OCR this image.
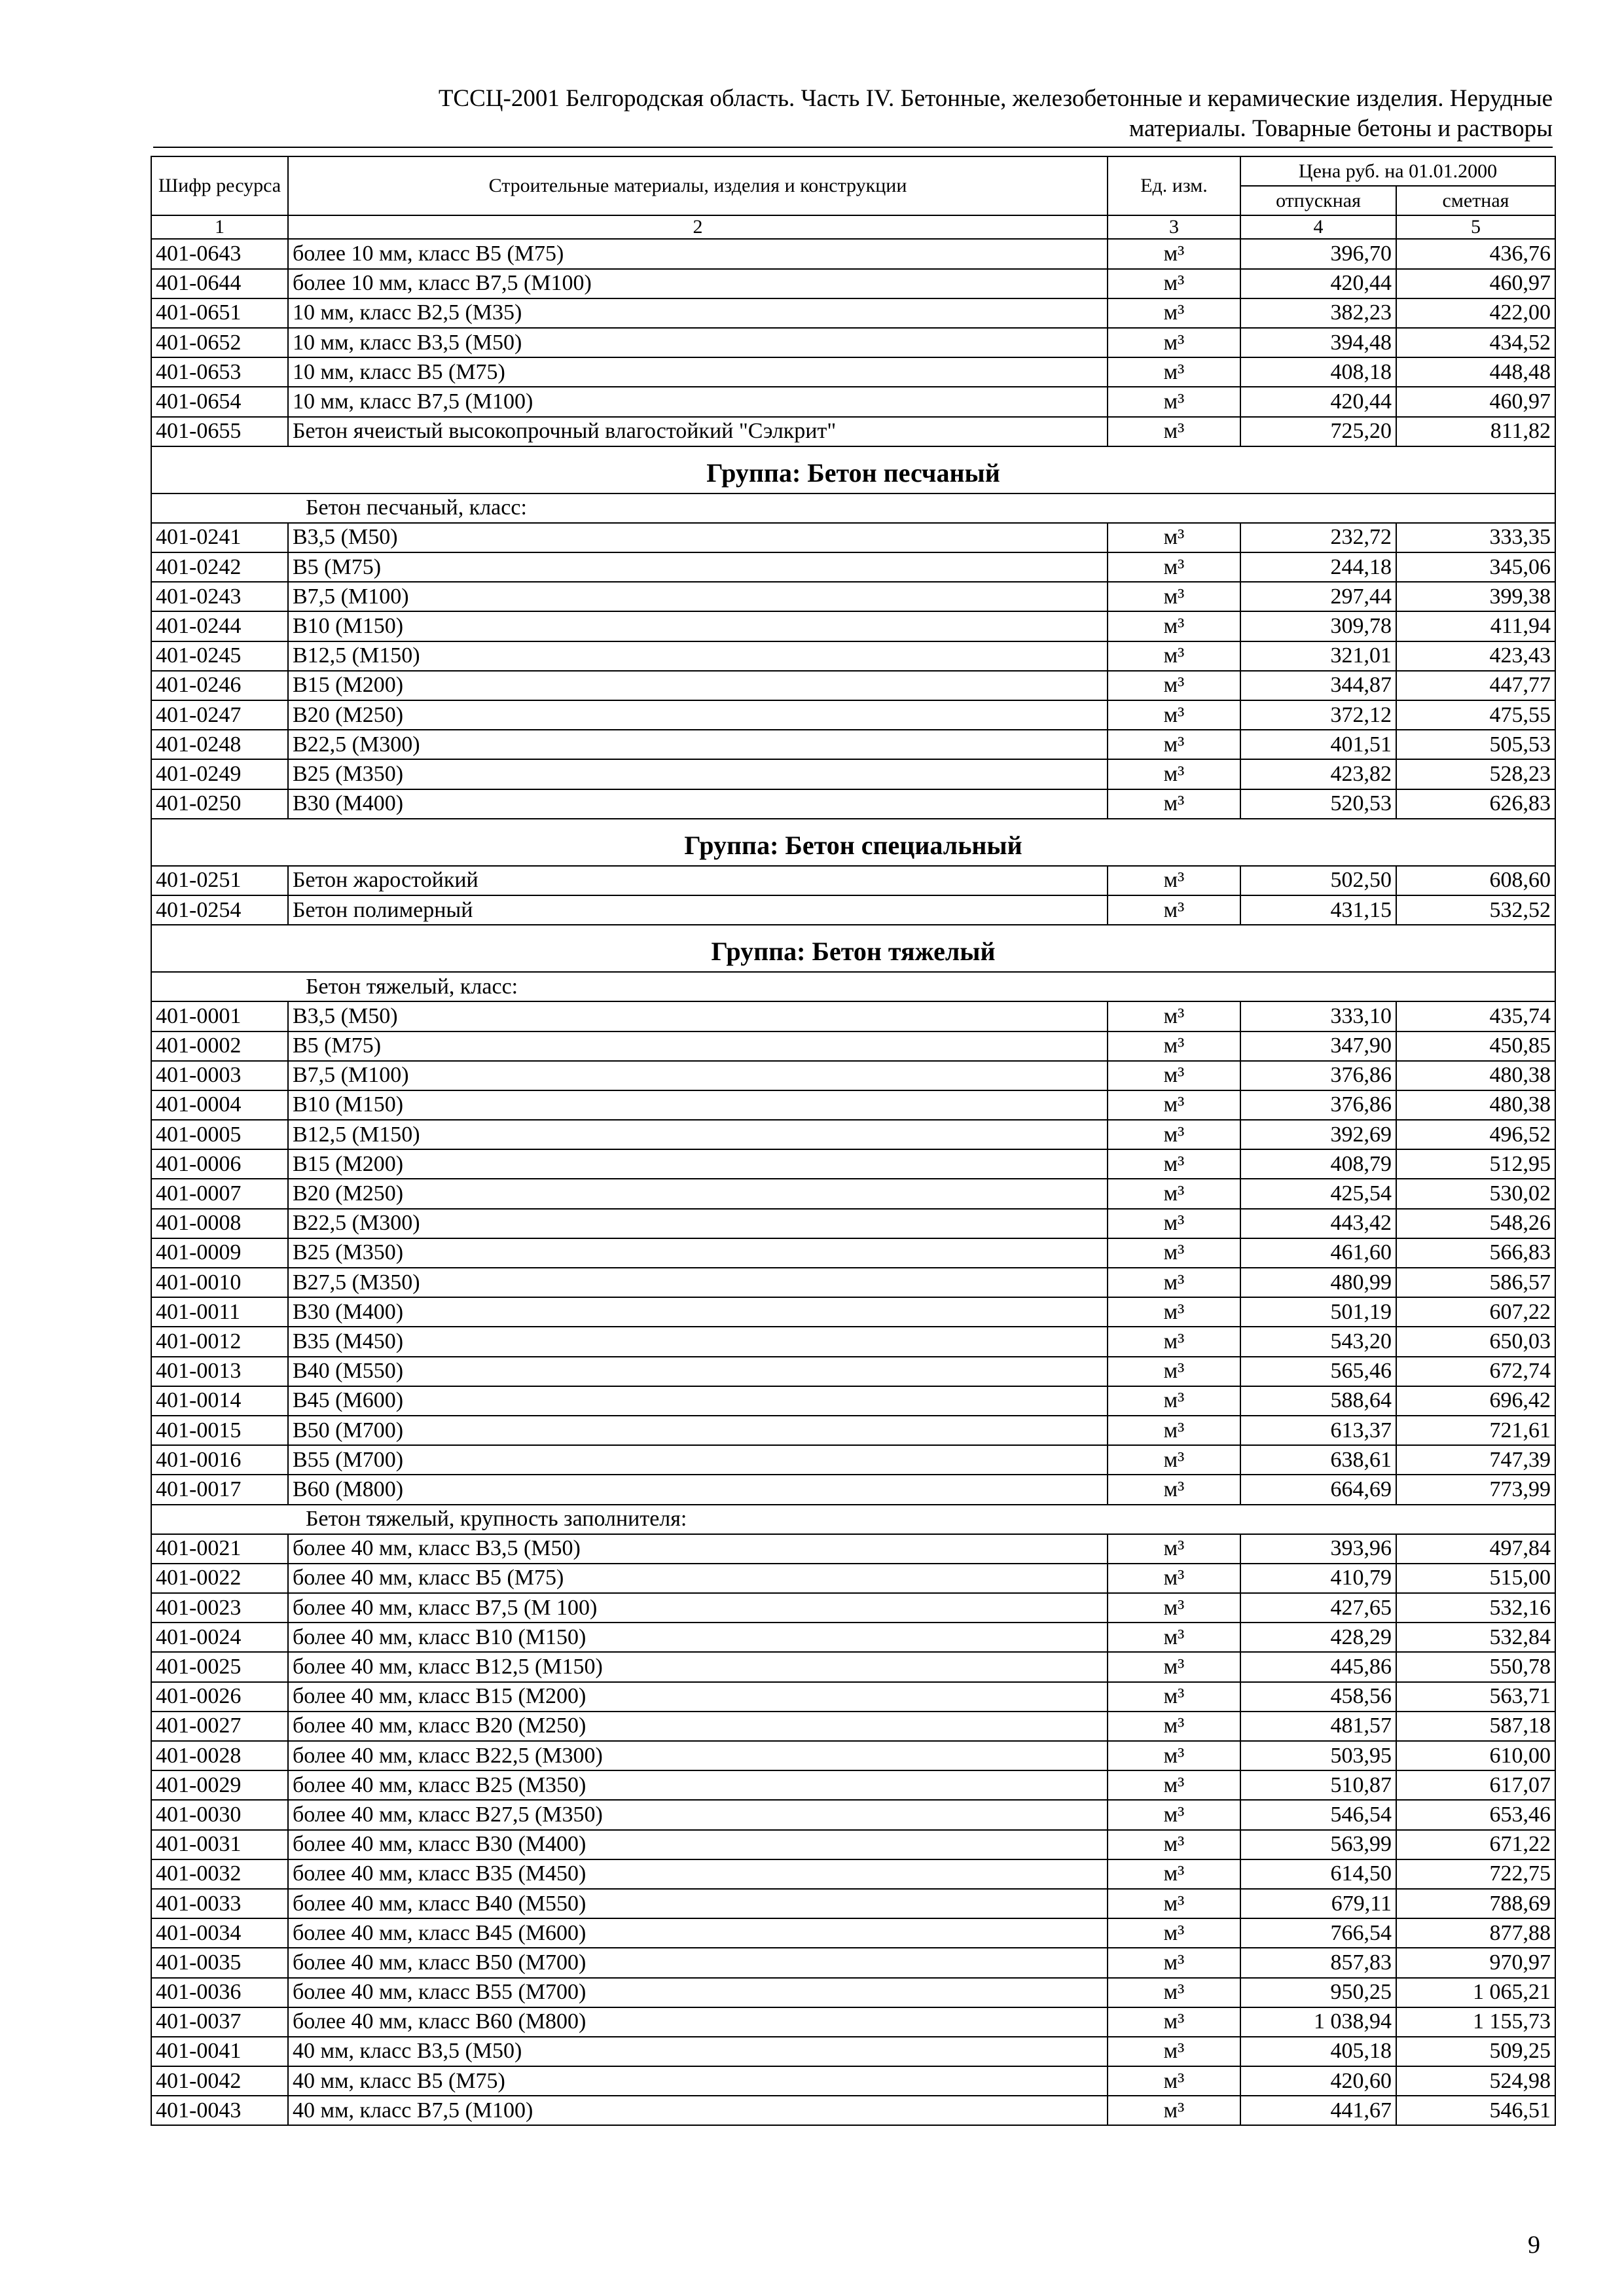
ТССЦ-2001 Белгородская область. Часть IV. Бетонные, железобетонные и керамические изделия. Нерудные
материалы. Товарные бетоны и растворы
Шифр ресурса	Строительные материалы, изделия и конструкции	Ед. изм.	Цена руб. на 01.01.2000	
			отпускная	сметная
1	2	3	4	5
401-0643	более 10 мм, класс В5 (М75)	м³	396,70	436,76
401-0644	более 10 мм, класс В7,5 (М100)	м³	420,44	460,97
401-0651	10 мм, класс В2,5 (М35)	м³	382,23	422,00
401-0652	10 мм, класс В3,5 (М50)	м³	394,48	434,52
401-0653	10 мм, класс В5 (М75)	м³	408,18	448,48
401-0654	10 мм, класс В7,5 (М100)	м³	420,44	460,97
401-0655	Бетон ячеистый высокопрочный влагостойкий "Сэлкрит"	м³	725,20	811,82
Группа: Бетон песчаный				
Бетон песчаный, класс:				
401-0241	В3,5 (М50)	м³	232,72	333,35
401-0242	В5 (М75)	м³	244,18	345,06
401-0243	В7,5 (М100)	м³	297,44	399,38
401-0244	В10 (М150)	м³	309,78	411,94
401-0245	В12,5 (М150)	м³	321,01	423,43
401-0246	В15 (М200)	м³	344,87	447,77
401-0247	В20 (М250)	м³	372,12	475,55
401-0248	В22,5 (М300)	м³	401,51	505,53
401-0249	В25 (М350)	м³	423,82	528,23
401-0250	В30 (М400)	м³	520,53	626,83
Группа: Бетон специальный				
401-0251	Бетон жаростойкий	м³	502,50	608,60
401-0254	Бетон полимерный	м³	431,15	532,52
Группа: Бетон тяжелый				
Бетон тяжелый, класс:				
401-0001	В3,5 (М50)	м³	333,10	435,74
401-0002	В5 (М75)	м³	347,90	450,85
401-0003	В7,5 (М100)	м³	376,86	480,38
401-0004	В10 (М150)	м³	376,86	480,38
401-0005	В12,5 (М150)	м³	392,69	496,52
401-0006	В15 (М200)	м³	408,79	512,95
401-0007	В20 (М250)	м³	425,54	530,02
401-0008	В22,5 (М300)	м³	443,42	548,26
401-0009	В25 (М350)	м³	461,60	566,83
401-0010	В27,5 (М350)	м³	480,99	586,57
401-0011	В30 (М400)	м³	501,19	607,22
401-0012	В35 (М450)	м³	543,20	650,03
401-0013	В40 (М550)	м³	565,46	672,74
401-0014	В45 (М600)	м³	588,64	696,42
401-0015	В50 (М700)	м³	613,37	721,61
401-0016	В55 (М700)	м³	638,61	747,39
401-0017	В60 (М800)	м³	664,69	773,99
Бетон тяжелый, крупность заполнителя:				
401-0021	более 40 мм, класс В3,5 (М50)	м³	393,96	497,84
401-0022	более 40 мм, класс В5 (М75)	м³	410,79	515,00
401-0023	более 40 мм, класс В7,5 (М 100)	м³	427,65	532,16
401-0024	более 40 мм, класс В10 (М150)	м³	428,29	532,84
401-0025	более 40 мм, класс В12,5 (М150)	м³	445,86	550,78
401-0026	более 40 мм, класс В15 (М200)	м³	458,56	563,71
401-0027	более 40 мм, класс В20 (М250)	м³	481,57	587,18
401-0028	более 40 мм, класс В22,5 (М300)	м³	503,95	610,00
401-0029	более 40 мм, класс В25 (М350)	м³	510,87	617,07
401-0030	более 40 мм, класс В27,5 (М350)	м³	546,54	653,46
401-0031	более 40 мм, класс В30 (М400)	м³	563,99	671,22
401-0032	более 40 мм, класс В35 (М450)	м³	614,50	722,75
401-0033	более 40 мм, класс В40 (М550)	м³	679,11	788,69
401-0034	более 40 мм, класс В45 (М600)	м³	766,54	877,88
401-0035	более 40 мм, класс В50 (М700)	м³	857,83	970,97
401-0036	более 40 мм, класс В55 (М700)	м³	950,25	1 065,21
401-0037	более 40 мм, класс В60 (М800)	м³	1 038,94	1 155,73
401-0041	40 мм, класс В3,5 (М50)	м³	405,18	509,25
401-0042	40 мм, класс В5 (М75)	м³	420,60	524,98
401-0043	40 мм, класс В7,5 (М100)	м³	441,67	546,51
9
